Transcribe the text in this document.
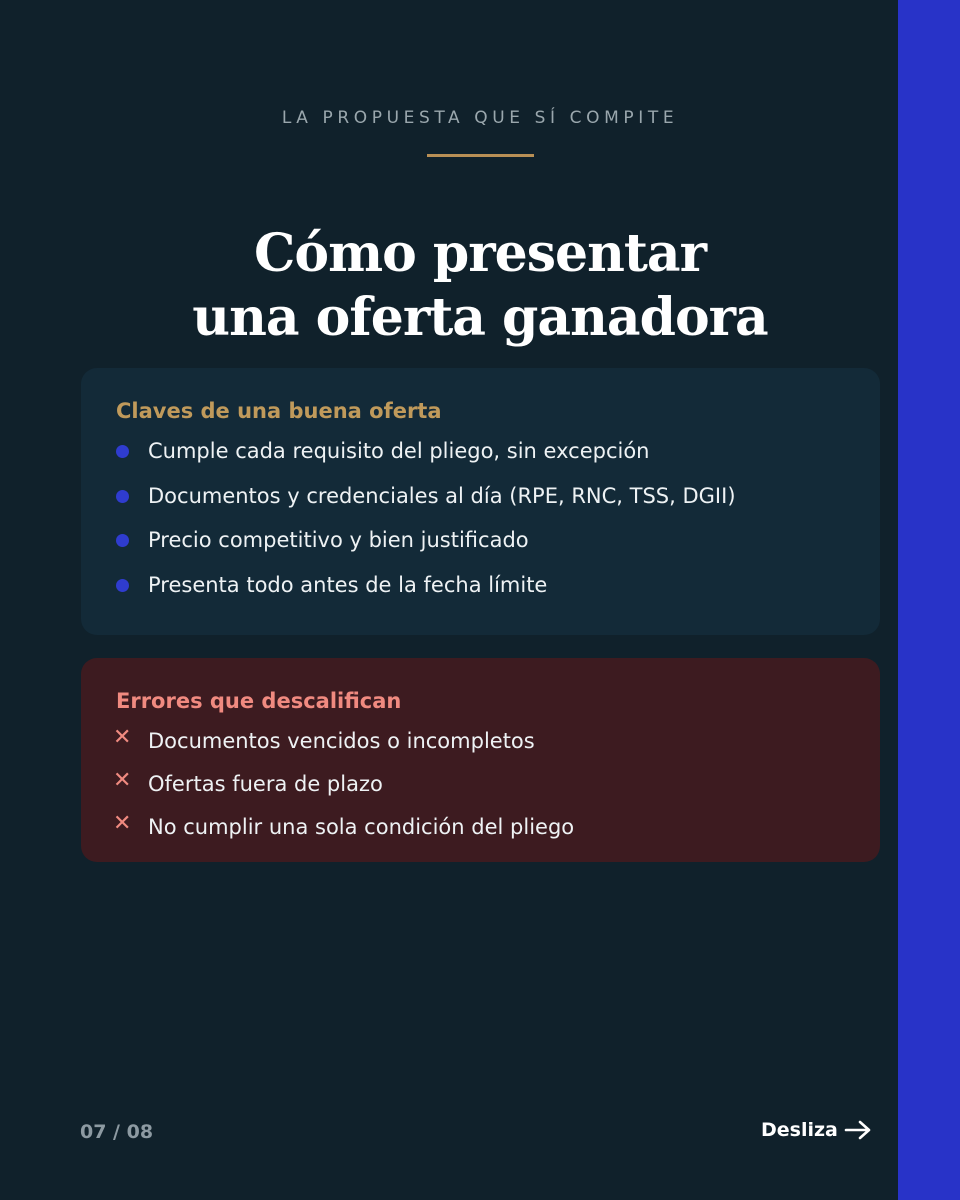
LA PROPUESTA QUE SÍ COMPITE
Cómo presentar
una oferta ganadora
Claves de una buena oferta
Cumple cada requisito del pliego, sin excepción
Documentos y credenciales al día (RPE, RNC, TSS, DGII)
Precio competitivo y bien justificado
Presenta todo antes de la fecha límite
Errores que descalifican
✕ Documentos vencidos o incompletos
✕ Ofertas fuera de plazo
✕ No cumplir una sola condición del pliego
07 / 08	Desliza
